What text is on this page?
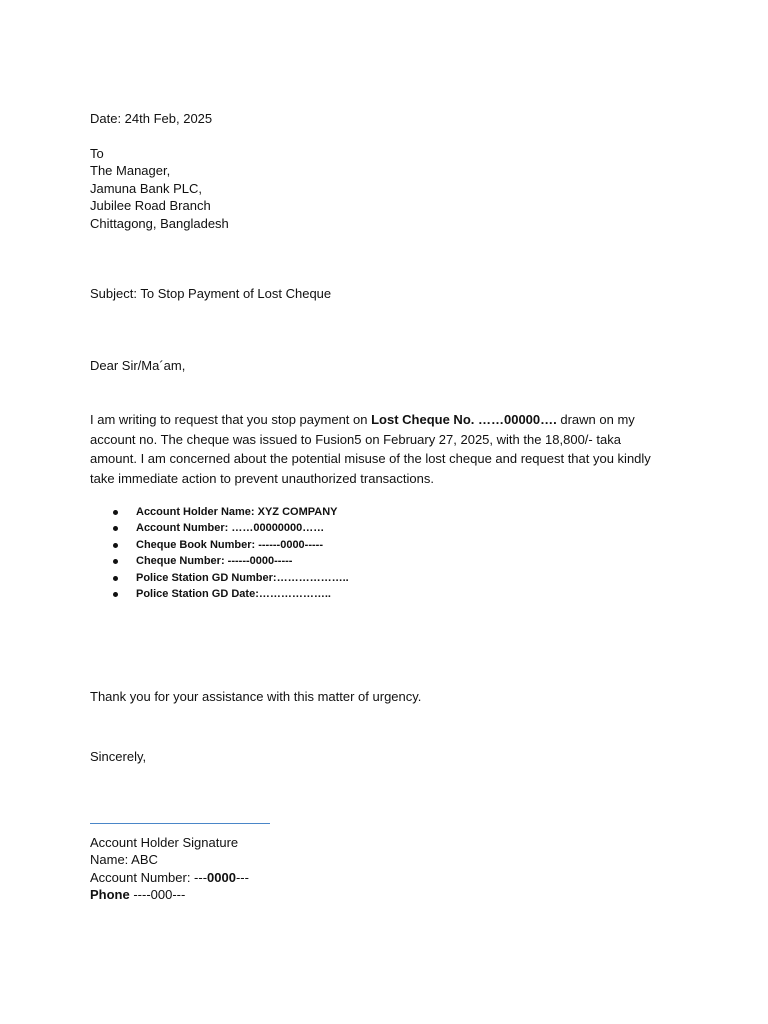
Date: 24th Feb, 2025
To
The Manager,
Jamuna Bank PLC,
Jubilee Road Branch
Chittagong, Bangladesh
Subject: To Stop Payment of Lost Cheque
Dear Sir/Ma´am,
I am writing to request that you stop payment on Lost Cheque No. ……00000…. drawn on my account no. The cheque was issued to Fusion5 on February 27, 2025, with the 18,800/- taka amount. I am concerned about the potential misuse of the lost cheque and request that you kindly take immediate action to prevent unauthorized transactions.
Account Holder Name: XYZ COMPANY
Account Number: ……00000000……
Cheque Book Number: ------0000-----
Cheque Number: ------0000-----
Police Station GD Number:………………..
Police Station GD Date:………………..
Thank you for your assistance with this matter of urgency.
Sincerely,
Account Holder Signature
Name: ABC
Account Number: ---0000---
Phone ----000---
